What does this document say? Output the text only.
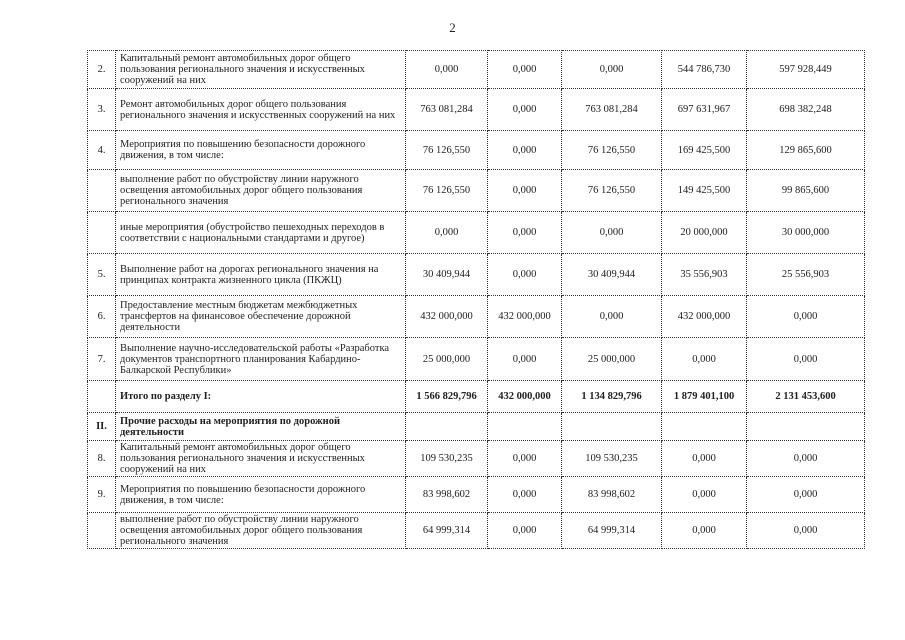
2
2.	Капитальный ремонт автомобильных дорог общего пользования регионального значения и искусственных сооружений на них	0,000	0,000	0,000	544 786,730	597 928,449
3.	Ремонт автомобильных дорог общего пользования регионального значения и искусственных сооружений на них	763 081,284	0,000	763 081,284	697 631,967	698 382,248
4.	Мероприятия по повышению безопасности дорожного движения, в том числе:	76 126,550	0,000	76 126,550	169 425,500	129 865,600
	выполнение работ по обустройству линии наружного освещения автомобильных дорог общего пользования регионального значения	76 126,550	0,000	76 126,550	149 425,500	99 865,600
	иные мероприятия (обустройство пешеходных переходов в соответствии с национальными стандартами и другое)	0,000	0,000	0,000	20 000,000	30 000,000
5.	Выполнение работ на дорогах регионального значения на принципах контракта жизненного цикла (ПКЖЦ)	30 409,944	0,000	30 409,944	35 556,903	25 556,903
6.	Предоставление местным бюджетам межбюджетных трансфертов на финансовое обеспечение дорожной деятельности	432 000,000	432 000,000	0,000	432 000,000	0,000
7.	Выполнение научно-исследовательской работы «Разработка документов транспортного планирования Кабардино-Балкарской Республики»	25 000,000	0,000	25 000,000	0,000	0,000
	Итого по разделу I:	1 566 829,796	432 000,000	1 134 829,796	1 879 401,100	2 131 453,600
II.	Прочие расходы на мероприятия по дорожной деятельности					
8.	Капитальный ремонт автомобильных дорог общего пользования регионального значения и искусственных сооружений на них	109 530,235	0,000	109 530,235	0,000	0,000
9.	Мероприятия по повышению безопасности дорожного движения, в том числе:	83 998,602	0,000	83 998,602	0,000	0,000
	выполнение работ по обустройству линии наружного освещения автомобильных дорог общего пользования регионального значения	64 999,314	0,000	64 999,314	0,000	0,000
